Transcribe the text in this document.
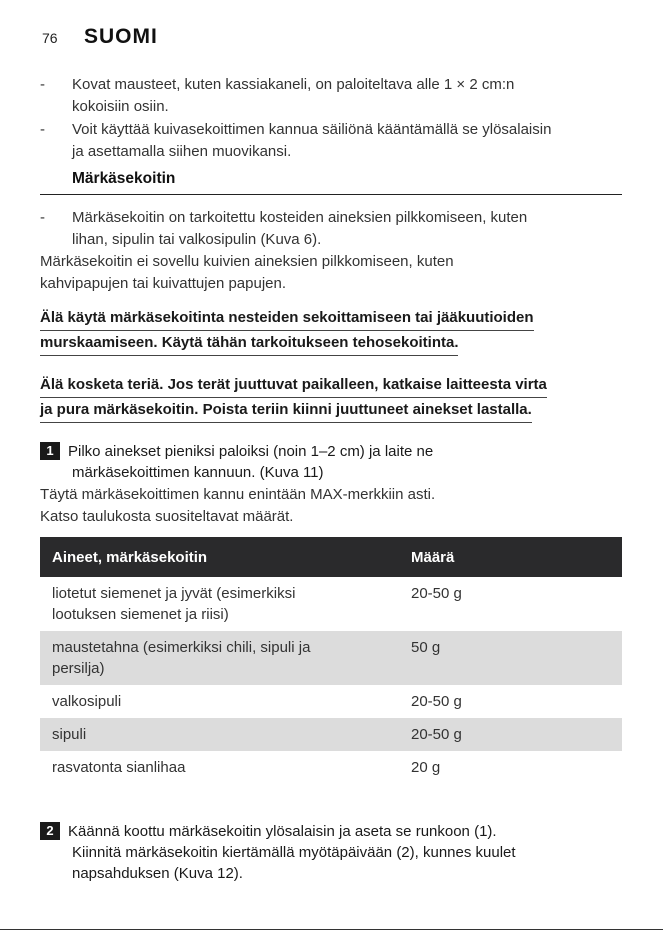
76 SUOMI
- Kovat mausteet, kuten kassiakaneli, on paloiteltava alle 1 × 2 cm:n
kokoisiin osiin.
- Voit käyttää kuivasekoittimen kannua säiliönä kääntämällä se ylösalaisin
ja asettamalla siihen muovikansi.
Märkäsekoitin
- Märkäsekoitin on tarkoitettu kosteiden aineksien pilkkomiseen, kuten
lihan, sipulin tai valkosipulin (Kuva 6).
Märkäsekoitin ei sovellu kuivien aineksien pilkkomiseen, kuten
kahvipapujen tai kuivattujen papujen.
Älä käytä märkäsekoitinta nesteiden sekoittamiseen tai jääkuutioiden
murskaamiseen. Käytä tähän tarkoitukseen tehosekoitinta.
Älä kosketa teriä. Jos terät juuttuvat paikalleen, katkaise laitteesta virta
ja pura märkäsekoitin. Poista teriin kiinni juuttuneet ainekset lastalla.
1 Pilko ainekset pieniksi paloiksi (noin 1–2 cm) ja laite ne
märkäsekoittimen kannuun. (Kuva 11)
Täytä märkäsekoittimen kannu enintään MAX-merkkiin asti.
Katso taulukosta suositeltavat määrät.
Aineet, märkäsekoitin	Määrä

liotetut siemenet ja jyvät (esimerkiksi
lootuksen siemenet ja riisi)	20-50 g

maustetahna (esimerkiksi chili, sipuli ja
persilja)	50 g
valkosipuli	20-50 g
sipuli	20-50 g
rasvatonta sianlihaa	20 g
2 Käännä koottu märkäsekoitin ylösalaisin ja aseta se runkoon (1).
Kiinnitä märkäsekoitin kiertämällä myötäpäivään (2), kunnes kuulet
napsahduksen (Kuva 12).
